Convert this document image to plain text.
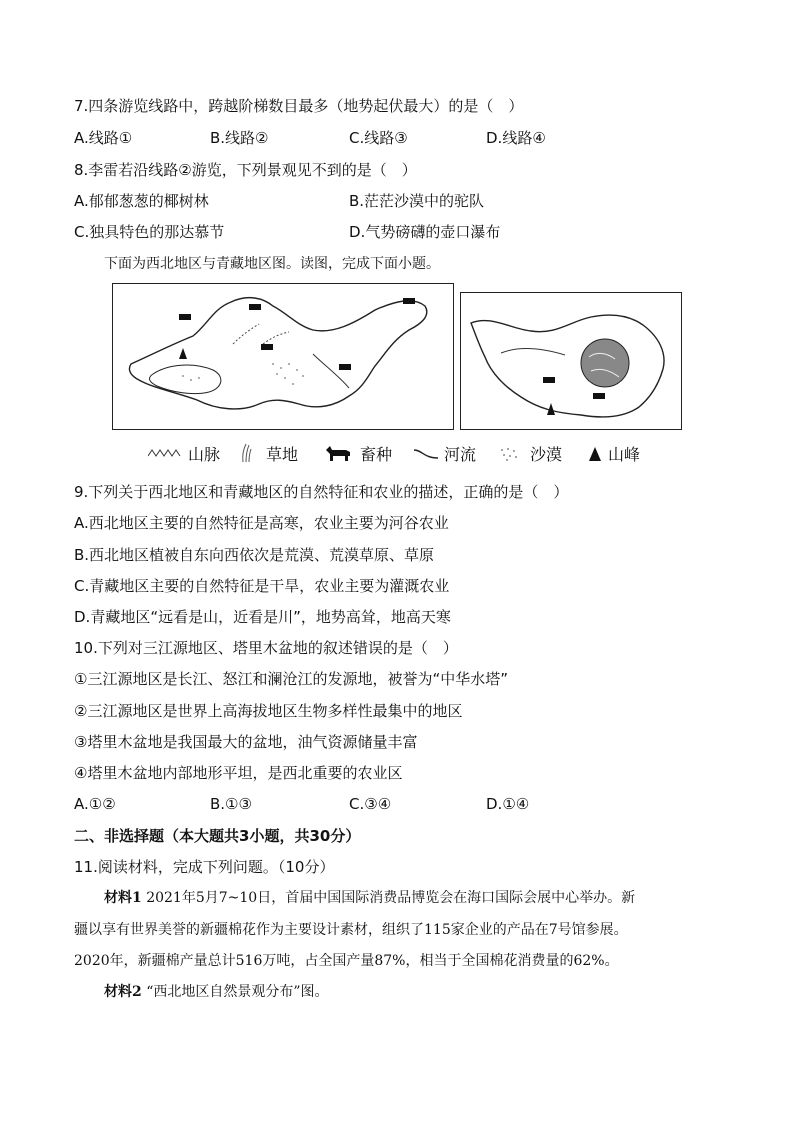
7.四条游览线路中，跨越阶梯数目最多（地势起伏最大）的是（　）
A.线路①	B.线路②	C.线路③	D.线路④
8.李雷若沿线路②游览，下列景观见不到的是（　）
A.郁郁葱葱的椰树林	B.茫茫沙漠中的驼队
C.独具特色的那达慕节	D.气势磅礴的壶口瀑布
下面为西北地区与青藏地区图。读图，完成下面小题。
山脉	草地	畜种	河流	沙漠	山峰
9.下列关于西北地区和青藏地区的自然特征和农业的描述，正确的是（　）
A.西北地区主要的自然特征是高寒，农业主要为河谷农业
B.西北地区植被自东向西依次是荒漠、荒漠草原、草原
C.青藏地区主要的自然特征是干旱，农业主要为灌溉农业
D.青藏地区“远看是山，近看是川”，地势高耸，地高天寒
10.下列对三江源地区、塔里木盆地的叙述错误的是（　）
①三江源地区是长江、怒江和澜沧江的发源地，被誉为“中华水塔”
②三江源地区是世界上高海拔地区生物多样性最集中的地区
③塔里木盆地是我国最大的盆地，油气资源储量丰富
④塔里木盆地内部地形平坦，是西北重要的农业区
A.①②	B.①③	C.③④	D.①④
二、非选择题（本大题共3小题，共30分）
11.阅读材料，完成下列问题。（10分）
材料1 2021年5月7~10日，首届中国国际消费品博览会在海口国际会展中心举办。新
疆以享有世界美誉的新疆棉花作为主要设计素材，组织了115家企业的产品在7号馆参展。
2020年，新疆棉产量总计516万吨，占全国产量87%，相当于全国棉花消费量的62%。
材料2 “西北地区自然景观分布”图。
